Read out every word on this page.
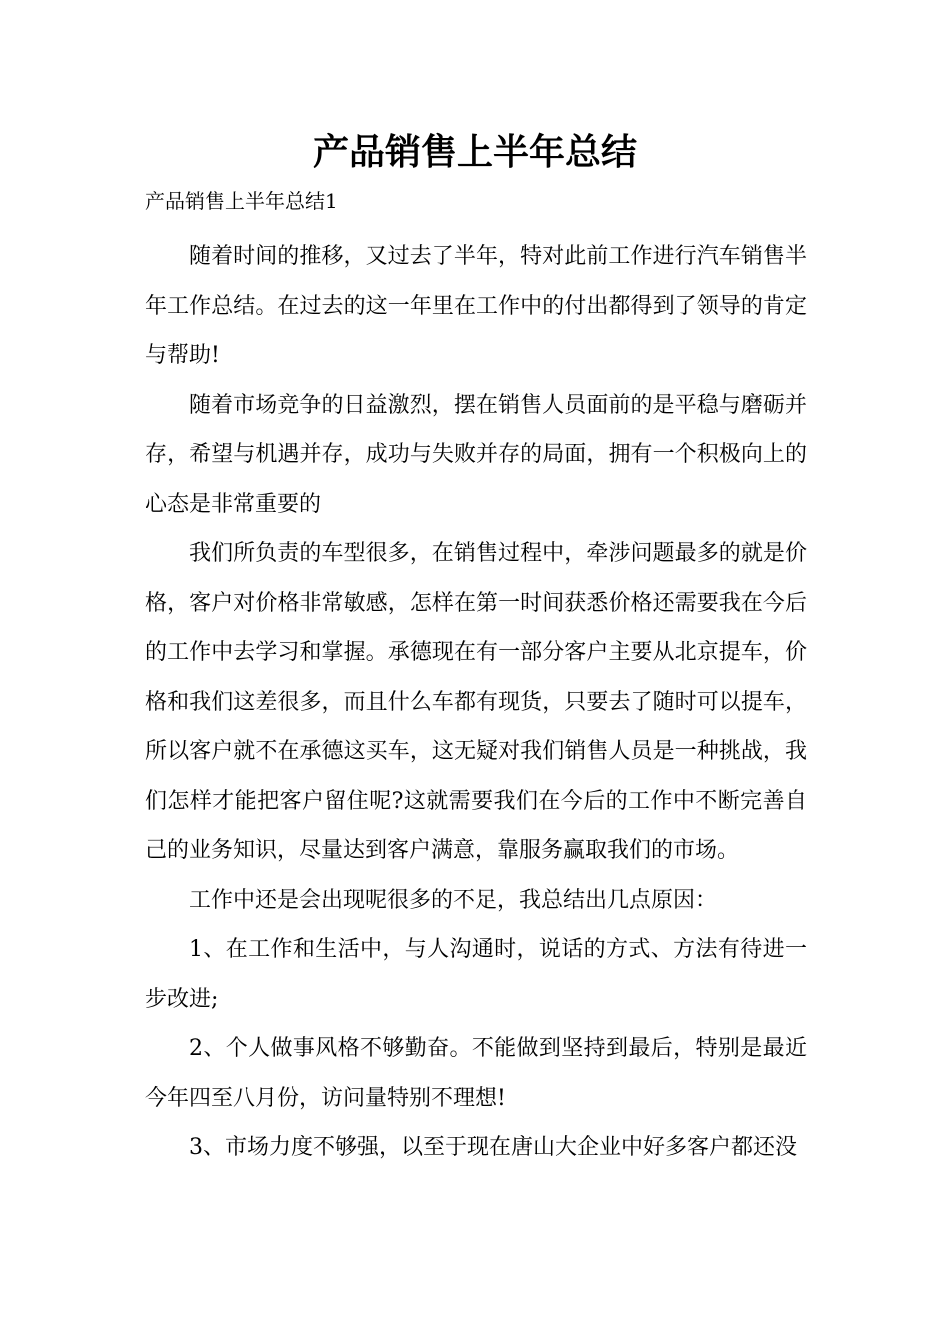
产品销售上半年总结
产品销售上半年总结1

随着时间的推移，又过去了半年，特对此前工作进行汽车销售半年工作总结。在过去的这一年里在工作中的付出都得到了领导的肯定与帮助!

随着市场竞争的日益激烈，摆在销售人员面前的是平稳与磨砺并存，希望与机遇并存，成功与失败并存的局面，拥有一个积极向上的心态是非常重要的

我们所负责的车型很多，在销售过程中，牵涉问题最多的就是价格，客户对价格非常敏感，怎样在第一时间获悉价格还需要我在今后的工作中去学习和掌握。承德现在有一部分客户主要从北京提车，价格和我们这差很多，而且什么车都有现货，只要去了随时可以提车，所以客户就不在承德这买车，这无疑对我们销售人员是一种挑战，我们怎样才能把客户留住呢?这就需要我们在今后的工作中不断完善自己的业务知识，尽量达到客户满意，靠服务赢取我们的市场。

工作中还是会出现呢很多的不足，我总结出几点原因：

1、在工作和生活中，与人沟通时，说话的方式、方法有待进一步改进;

2、个人做事风格不够勤奋。不能做到坚持到最后，特别是最近今年四至八月份，访问量特别不理想!

3、市场力度不够强，以至于现在唐山大企业中好多客户都还没
